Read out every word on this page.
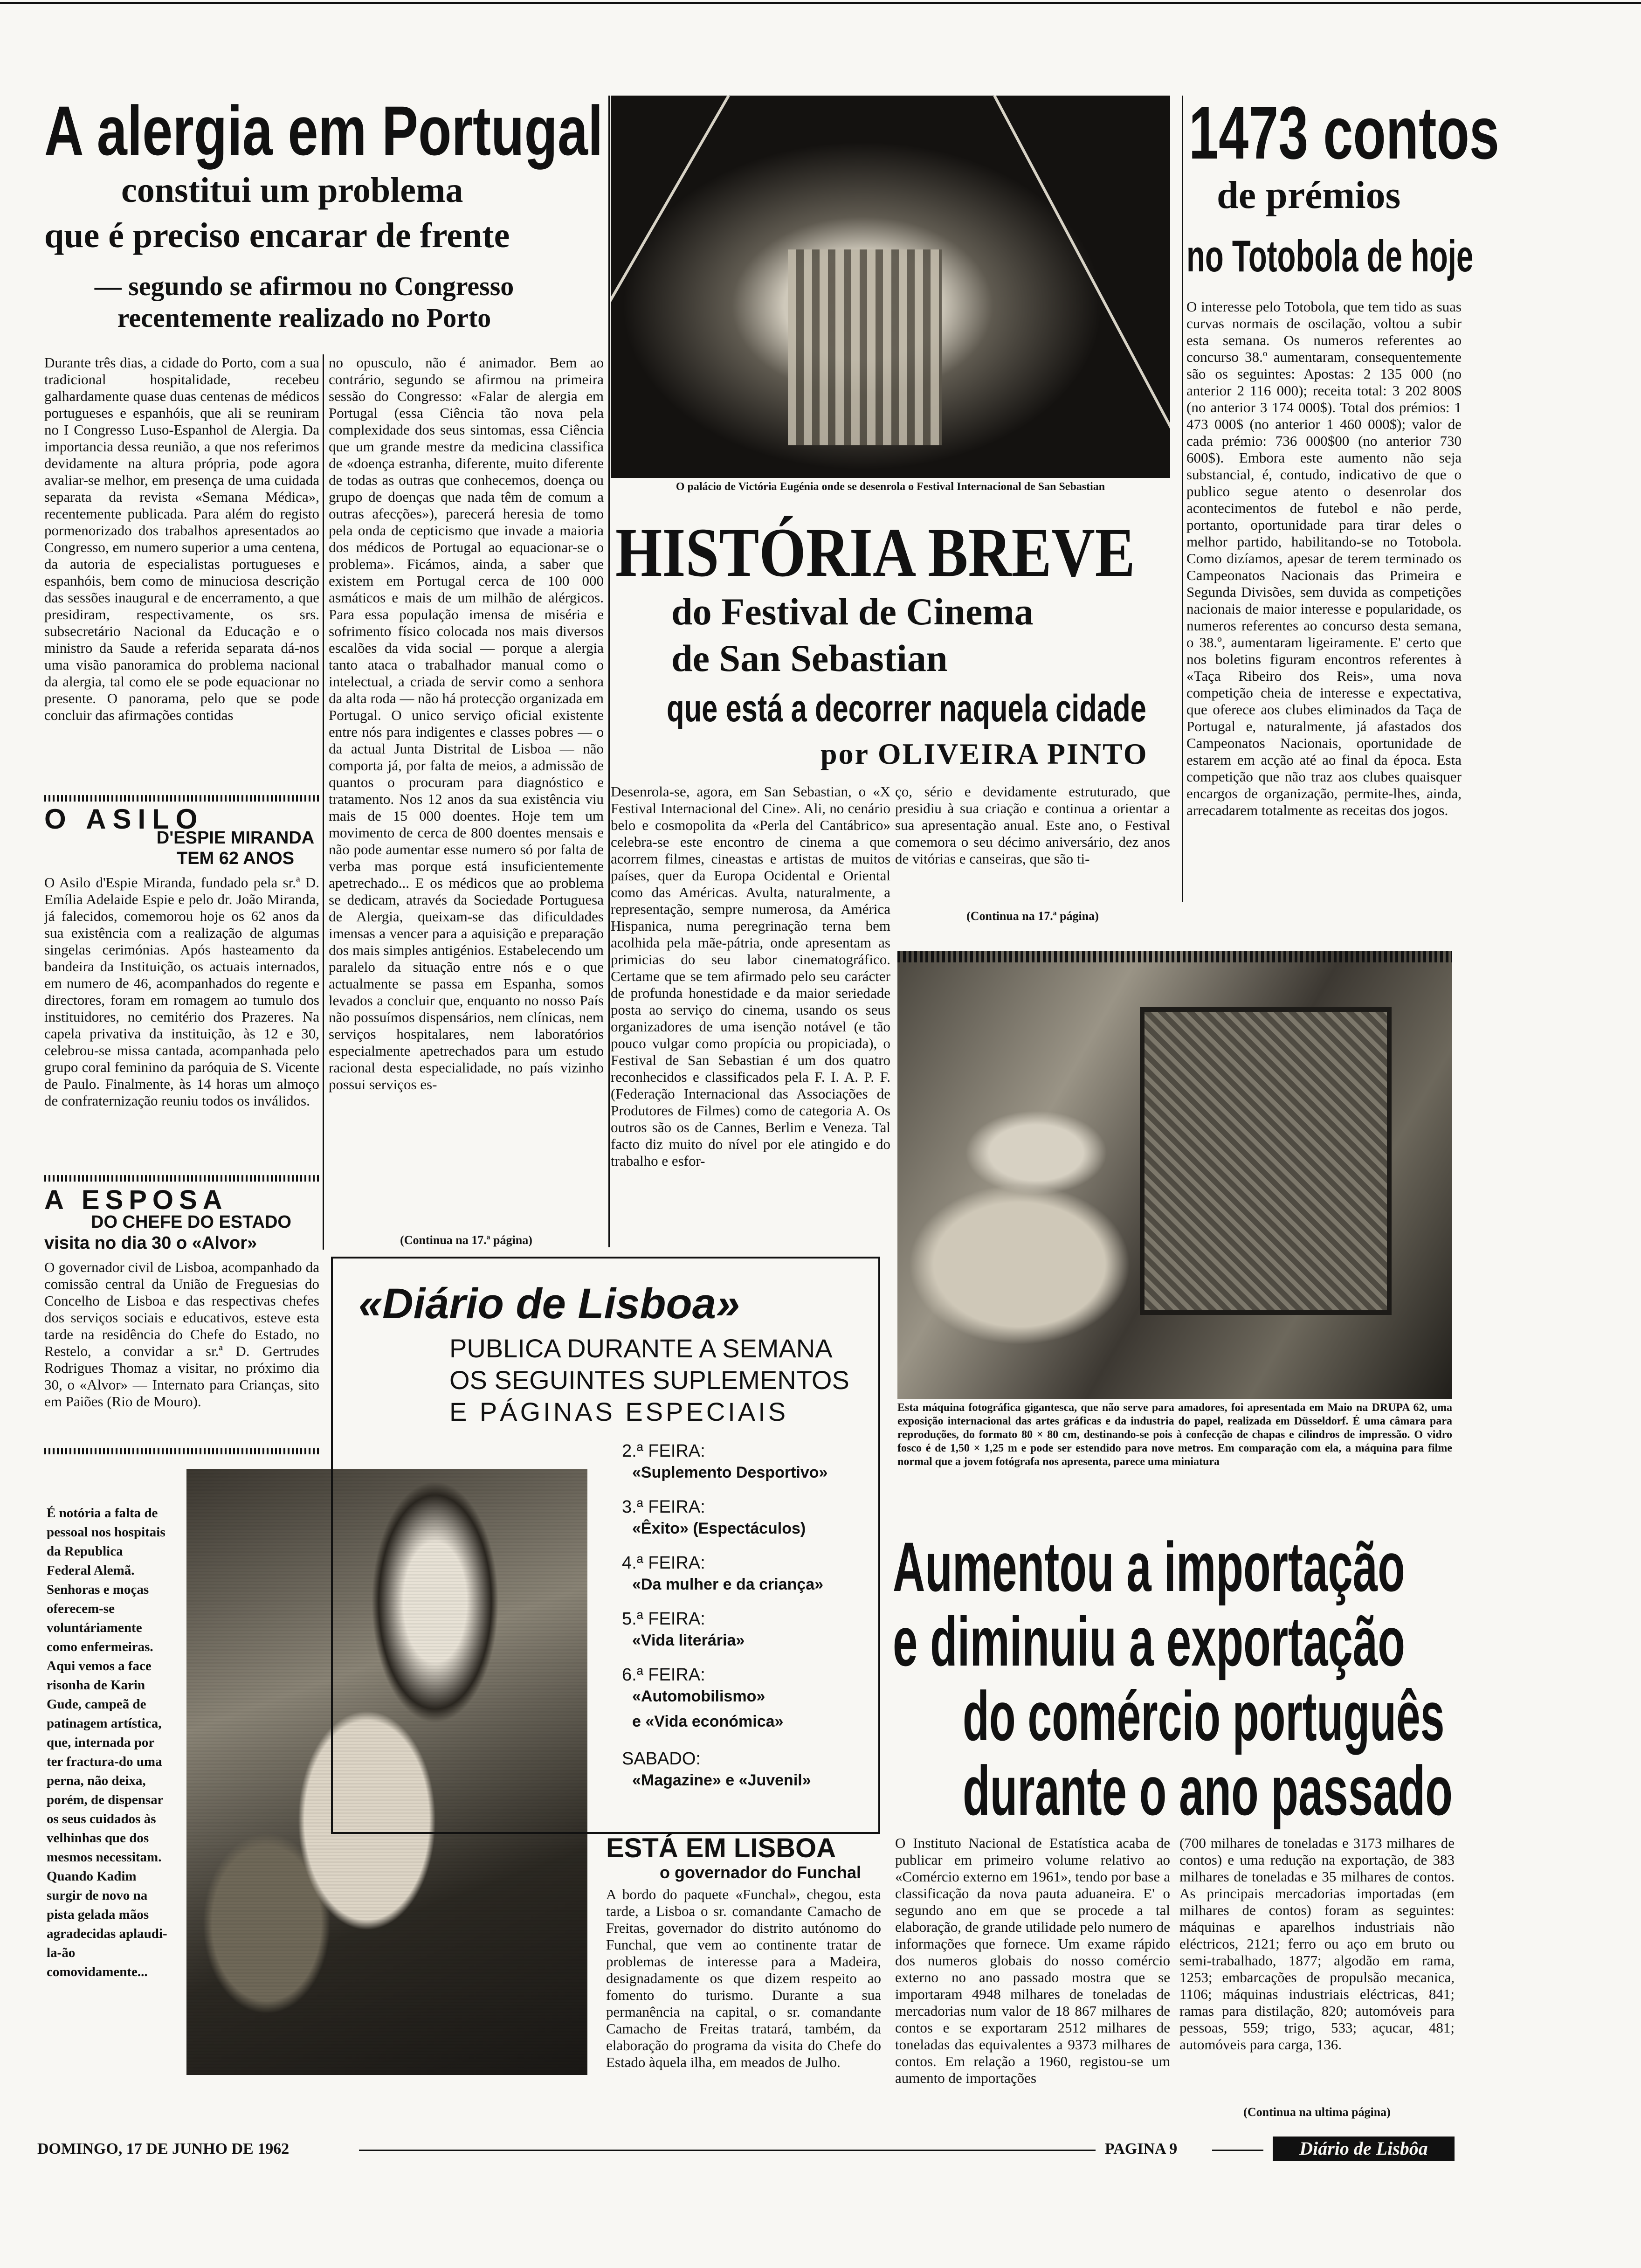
A alergia em Portugal
constitui um problema
que é preciso encarar de frente
— segundo se afirmou no Congresso recentemente realizado no Porto
Durante três dias, a cidade do Porto, com a sua tradicional hospitalidade, recebeu galhardamente quase duas centenas de médicos portugueses e espanhóis, que ali se reuniram no I Congresso Luso-Espanhol de Alergia. Da importancia dessa reunião, a que nos referimos devidamente na altura própria, pode agora avaliar-se melhor, em presença de uma cuidada separata da revista «Semana Médica», recentemente publicada. Para além do registo pormenorizado dos trabalhos apresentados ao Congresso, em numero superior a uma centena, da autoria de especialistas portugueses e espanhóis, bem como de minuciosa descrição das sessões inaugural e de encerramento, a que presidiram, respectivamente, os srs. subsecretário Nacional da Educação e o ministro da Saude a referida separata dá-nos uma visão panoramica do problema nacional da alergia, tal como ele se pode equacionar no presente. O panorama, pelo que se pode concluir das afirmações contidas
no opusculo, não é animador. Bem ao contrário, segundo se afirmou na primeira sessão do Congresso: «Falar de alergia em Portugal (essa Ciência tão nova pela complexidade dos seus sintomas, essa Ciência que um grande mestre da medicina classifica de «doença estranha, diferente, muito diferente de todas as outras que conhecemos, doença ou grupo de doenças que nada têm de comum a outras afecções»), parecerá heresia de tomo pela onda de cepticismo que invade a maioria dos médicos de Portugal ao equacionar-se o problema». Ficámos, ainda, a saber que existem em Portugal cerca de 100 000 asmáticos e mais de um milhão de alérgicos. Para essa população imensa de miséria e sofrimento físico colocada nos mais diversos escalões da vida social — porque a alergia tanto ataca o trabalhador manual como o intelectual, a criada de servir como a senhora da alta roda — não há protecção organizada em Portugal. O unico serviço oficial existente entre nós para indigentes e classes pobres — o da actual Junta Distrital de Lisboa — não comporta já, por falta de meios, a admissão de quantos o procuram para diagnóstico e tratamento. Nos 12 anos da sua existência viu mais de 15 000 doentes. Hoje tem um movimento de cerca de 800 doentes mensais e não pode aumentar esse numero só por falta de verba mas porque está insuficientemente apetrechado... E os médicos que ao problema se dedicam, através da Sociedade Portuguesa de Alergia, queixam-se das dificuldades imensas a vencer para a aquisição e preparação dos mais simples antigénios. Estabelecendo um paralelo da situação entre nós e o que actualmente se passa em Espanha, somos levados a concluir que, enquanto no nosso País não possuímos dispensários, nem clínicas, nem serviços hospitalares, nem laboratórios especialmente apetrechados para um estudo racional desta especialidade, no país vizinho possui serviços es-
(Continua na 17.ª página)
O ASILO
D'ESPIE MIRANDA TEM 62 ANOS
O Asilo d'Espie Miranda, fundado pela sr.ª D. Emília Adelaide Espie e pelo dr. João Miranda, já falecidos, comemorou hoje os 62 anos da sua existência com a realização de algumas singelas cerimónias. Após hasteamento da bandeira da Instituição, os actuais internados, em numero de 46, acompanhados do regente e directores, foram em romagem ao tumulo dos instituidores, no cemitério dos Prazeres. Na capela privativa da instituição, às 12 e 30, celebrou-se missa cantada, acompanhada pelo grupo coral feminino da paróquia de S. Vicente de Paulo. Finalmente, às 14 horas um almoço de confraternização reuniu todos os inválidos.
A ESPOSA
DO CHEFE DO ESTADO
visita no dia 30 o «Alvor»
O governador civil de Lisboa, acompanhado da comissão central da União de Freguesias do Concelho de Lisboa e das respectivas chefes dos serviços sociais e educativos, esteve esta tarde na residência do Chefe do Estado, no Restelo, a convidar a sr.ª D. Gertrudes Rodrigues Thomaz a visitar, no próximo dia 30, o «Alvor» — Internato para Crianças, sito em Paiões (Rio de Mouro).
É notória a falta de pessoal nos hospitais da Republica Federal Alemã. Senhoras e moças oferecem-se voluntáriamente como enfermeiras. Aqui vemos a face risonha de Karin Gude, campeã de patinagem artística, que, internada por ter fractura-do uma perna, não deixa, porém, de dispensar os seus cuidados às velhinhas que dos mesmos necessitam. Quando Kadim surgir de novo na pista gelada mãos agradecidas aplaudi-la-ão comovidamente...
O palácio de Victória Eugénia onde se desenrola o Festival Internacional de San Sebastian
HISTÓRIA BREVE
do Festival de Cinema
de San Sebastian
que está a decorrer naquela cidade
por OLIVEIRA PINTO
Desenrola-se, agora, em San Sebastian, o «X Festival Internacional del Cine». Ali, no cenário belo e cosmopolita da «Perla del Cantábrico» celebra-se este encontro de cinema a que acorrem filmes, cineastas e artistas de muitos países, quer da Europa Ocidental e Oriental como das Américas. Avulta, naturalmente, a representação, sempre numerosa, da América Hispanica, numa peregrinação terna bem acolhida pela mãe-pátria, onde apresentam as primicias do seu labor cinematográfico. Certame que se tem afirmado pelo seu carácter de profunda honestidade e da maior seriedade posta ao serviço do cinema, usando os seus organizadores de uma isenção notável (e tão pouco vulgar como propícia ou propiciada), o Festival de San Sebastian é um dos quatro reconhecidos e classificados pela F. I. A. P. F. (Federação Internacional das Associações de Produtores de Filmes) como de categoria A. Os outros são os de Cannes, Berlim e Veneza. Tal facto diz muito do nível por ele atingido e do trabalho e esfor-
ço, sério e devidamente estruturado, que presidiu à sua criação e continua a orientar a sua apresentação anual. Este ano, o Festival comemora o seu décimo aniversário, dez anos de vitórias e canseiras, que são ti-
(Continua na 17.ª página)
«Diário de Lisboa»
PUBLICA DURANTE A SEMANA
OS SEGUINTES SUPLEMENTOS
E PÁGINAS ESPECIAIS
2.ª FEIRA:
«Suplemento Desportivo»
3.ª FEIRA:
«Êxito» (Espectáculos)
4.ª FEIRA:
«Da mulher e da criança»
5.ª FEIRA:
«Vida literária»
6.ª FEIRA:
«Automobilismo»
e «Vida económica»
SABADO:
«Magazine» e «Juvenil»
ESTÁ EM LISBOA
o governador do Funchal
A bordo do paquete «Funchal», chegou, esta tarde, a Lisboa o sr. comandante Camacho de Freitas, governador do distrito autónomo do Funchal, que vem ao continente tratar de problemas de interesse para a Madeira, designadamente os que dizem respeito ao fomento do turismo. Durante a sua permanência na capital, o sr. comandante Camacho de Freitas tratará, também, da elaboração do programa da visita do Chefe do Estado àquela ilha, em meados de Julho.
1473 contos
de prémios
no Totobola de hoje
O interesse pelo Totobola, que tem tido as suas curvas normais de oscilação, voltou a subir esta semana. Os numeros referentes ao concurso 38.º aumentaram, consequentemente são os seguintes: Apostas: 2 135 000 (no anterior 2 116 000); receita total: 3 202 800$ (no anterior 3 174 000$). Total dos prémios: 1 473 000$ (no anterior 1 460 000$); valor de cada prémio: 736 000$00 (no anterior 730 600$). Embora este aumento não seja substancial, é, contudo, indicativo de que o publico segue atento o desenrolar dos acontecimentos de futebol e não perde, portanto, oportunidade para tirar deles o melhor partido, habilitando-se no Totobola. Como dizíamos, apesar de terem terminado os Campeonatos Nacionais das Primeira e Segunda Divisões, sem duvida as competições nacionais de maior interesse e popularidade, os numeros referentes ao concurso desta semana, o 38.º, aumentaram ligeiramente. E' certo que nos boletins figuram encontros referentes à «Taça Ribeiro dos Reis», uma nova competição cheia de interesse e expectativa, que oferece aos clubes eliminados da Taça de Portugal e, naturalmente, já afastados dos Campeonatos Nacionais, oportunidade de estarem em acção até ao final da época. Esta competição que não traz aos clubes quaisquer encargos de organização, permite-lhes, ainda, arrecadarem totalmente as receitas dos jogos.
Esta máquina fotográfica gigantesca, que não serve para amadores, foi apresentada em Maio na DRUPA 62, uma exposição internacional das artes gráficas e da industria do papel, realizada em Düsseldorf. É uma câmara para reproduções, do formato 80 × 80 cm, destinando-se pois à confecção de chapas e cilindros de impressão. O vidro fosco é de 1,50 × 1,25 m e pode ser estendido para nove metros. Em comparação com ela, a máquina para filme normal que a jovem fotógrafa nos apresenta, parece uma miniatura
Aumentou a importação
e diminuiu a exportação
do comércio português
durante o ano passado
O Instituto Nacional de Estatística acaba de publicar em primeiro volume relativo ao «Comércio externo em 1961», tendo por base a classificação da nova pauta aduaneira. E' o segundo ano em que se procede a tal elaboração, de grande utilidade pelo numero de informações que fornece. Um exame rápido dos numeros globais do nosso comércio externo no ano passado mostra que se importaram 4948 milhares de toneladas de mercadorias num valor de 18 867 milhares de contos e se exportaram 2512 milhares de toneladas das equivalentes a 9373 milhares de contos. Em relação a 1960, registou-se um aumento de importações
(700 milhares de toneladas e 3173 milhares de contos) e uma redução na exportação, de 383 milhares de toneladas e 35 milhares de contos. As principais mercadorias importadas (em milhares de contos) foram as seguintes: máquinas e aparelhos industriais não eléctricos, 2121; ferro ou aço em bruto ou semi-trabalhado, 1877; algodão em rama, 1253; embarcações de propulsão mecanica, 1106; máquinas industriais eléctricas, 841; ramas para distilação, 820; automóveis para pessoas, 559; trigo, 533; açucar, 481; automóveis para carga, 136.
(Continua na ultima página)
DOMINGO, 17 DE JUNHO DE 1962	PAGINA 9	Diário de Lisbôa
